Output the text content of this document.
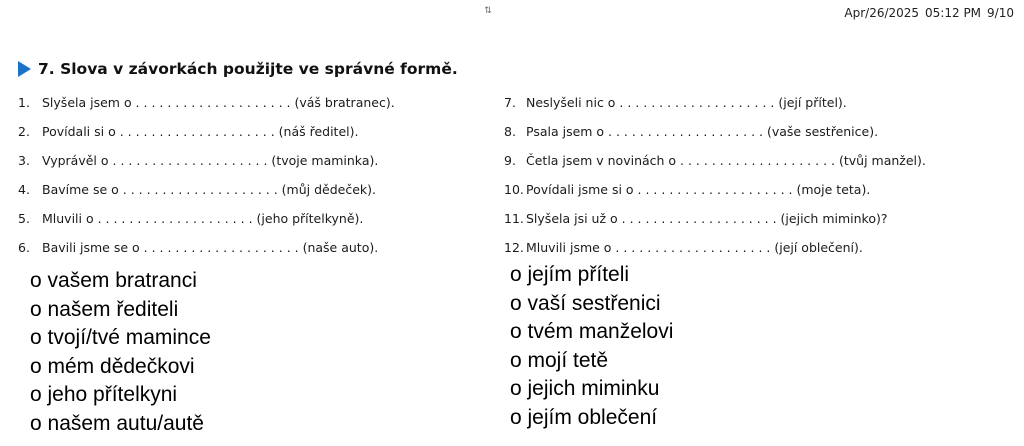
⇅	Apr/26/2025 05:12 PM 9/10
7. Slova v závorkách použijte ve správné formě.
1. Slyšela jsem o . . . . . . . . . . . . . . . . . . . . (váš bratranec).
2. Povídali si o . . . . . . . . . . . . . . . . . . . . (náš ředitel).
3. Vyprávěl o . . . . . . . . . . . . . . . . . . . . (tvoje maminka).
4. Bavíme se o . . . . . . . . . . . . . . . . . . . . (můj dědeček).
5. Mluvili o . . . . . . . . . . . . . . . . . . . . (jeho přítelkyně).
6. Bavili jsme se o . . . . . . . . . . . . . . . . . . . . (naše auto).
7. Neslyšeli nic o . . . . . . . . . . . . . . . . . . . . (její přítel).
8. Psala jsem o . . . . . . . . . . . . . . . . . . . . (vaše sestřenice).
9. Četla jsem v novinách o . . . . . . . . . . . . . . . . . . . . (tvůj manžel).
10. Povídali jsme si o . . . . . . . . . . . . . . . . . . . . (moje teta).
11. Slyšela jsi už o . . . . . . . . . . . . . . . . . . . . (jejich miminko)?
12. Mluvili jsme o . . . . . . . . . . . . . . . . . . . . (její oblečení).
o vašem bratranci
o našem řediteli
o tvojí/tvé mamince
o mém dědečkovi
o jeho přítelkyni
o našem autu/autě
o jejím příteli
o vaší sestřenici
o tvém manželovi
o mojí tetě
o jejich miminku
o jejím oblečení
